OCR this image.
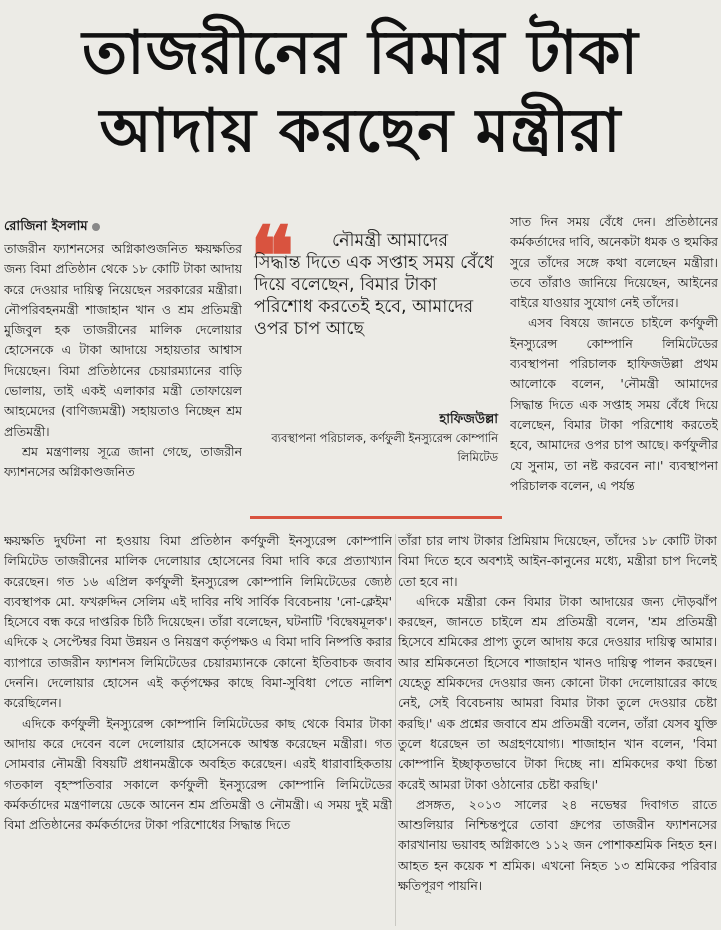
তাজরীনের বিমার টাকা
আদায় করছেন মন্ত্রীরা
রোজিনা ইসলাম

তাজরীন ফ্যাশনসের অগ্নিকাণ্ডজনিত ক্ষয়ক্ষতির জন্য বিমা প্রতিষ্ঠান থেকে ১৮ কোটি টাকা আদায় করে দেওয়ার দায়িত্ব নিয়েছেন সরকারের মন্ত্রীরা। নৌপরিবহনমন্ত্রী শাজাহান খান ও শ্রম প্রতিমন্ত্রী মুজিবুল হক তাজরীনের মালিক দেলোয়ার হোসেনকে এ টাকা আদায়ে সহায়তার আশ্বাস দিয়েছেন। বিমা প্রতিষ্ঠানের চেয়ারম্যানের বাড়ি ভোলায়, তাই একই এলাকার মন্ত্রী তোফায়েল আহমেদের (বাণিজ্যমন্ত্রী) সহায়তাও নিচ্ছেন শ্রম প্রতিমন্ত্রী।

শ্রম মন্ত্রণালয় সূত্রে জানা গেছে, তাজরীন ফ্যাশনসের অগ্নিকাণ্ডজনিত

❝	নৌমন্ত্রী আমাদের সিদ্ধান্ত দিতে এক সপ্তাহ সময় বেঁধে দিয়ে বলেছেন, বিমার টাকা পরিশোধ করতেই হবে, আমাদের ওপর চাপ আছে
হাফিজউল্লা
ব্যবস্থাপনা পরিচালক, কর্ণফুলী ইনস্যুরেন্স কোম্পানি লিমিটেড

সাত দিন সময় বেঁধে দেন। প্রতিষ্ঠানের কর্মকর্তাদের দাবি, অনেকটা ধমক ও হুমকির সুরে তাঁদের সঙ্গে কথা বলেছেন মন্ত্রীরা। তবে তাঁরাও জানিয়ে দিয়েছেন, আইনের বাইরে যাওয়ার সুযোগ নেই তাঁদের।

এসব বিষয়ে জানতে চাইলে কর্ণফুলী ইনস্যুরেন্স কোম্পানি লিমিটেডের ব্যবস্থাপনা পরিচালক হাফিজউল্লা প্রথম আলোকে বলেন, 'নৌমন্ত্রী আমাদের সিদ্ধান্ত দিতে এক সপ্তাহ সময় বেঁধে দিয়ে বলেছেন, বিমার টাকা পরিশোধ করতেই হবে, আমাদের ওপর চাপ আছে। কর্ণফুলীর যে সুনাম, তা নষ্ট করবেন না।' ব্যবস্থাপনা পরিচালক বলেন, এ পর্যন্ত

ক্ষয়ক্ষতি দুর্ঘটনা না হওয়ায় বিমা প্রতিষ্ঠান কর্ণফুলী ইনস্যুরেন্স কোম্পানি লিমিটেড তাজরীনের মালিক দেলোয়ার হোসেনের বিমা দাবি করে প্রত্যাখ্যান করেছেন। গত ১৬ এপ্রিল কর্ণফুলী ইনস্যুরেন্স কোম্পানি লিমিটেডের জ্যেষ্ঠ ব্যবস্থাপক মো. ফখরুদ্দিন সেলিম এই দাবির নথি সার্বিক বিবেচনায় 'নো-ক্লেইম' হিসেবে বন্ধ করে দাপ্তরিক চিঠি দিয়েছেন। তাঁরা বলেছেন, ঘটনাটি 'বিদ্বেষমূলক'। এদিকে ২ সেপ্টেম্বর বিমা উন্নয়ন ও নিয়ন্ত্রণ কর্তৃপক্ষও এ বিমা দাবি নিষ্পত্তি করার ব্যাপারে তাজরীন ফ্যাশনস লিমিটেডের চেয়ারম্যানকে কোনো ইতিবাচক জবাব দেননি। দেলোয়ার হোসেন এই কর্তৃপক্ষের কাছে বিমা-সুবিধা পেতে নালিশ করেছিলেন।

এদিকে কর্ণফুলী ইনস্যুরেন্স কোম্পানি লিমিটেডের কাছ থেকে বিমার টাকা আদায় করে দেবেন বলে দেলোয়ার হোসেনকে আশ্বস্ত করেছেন মন্ত্রীরা। গত সোমবার নৌমন্ত্রী বিষয়টি প্রধানমন্ত্রীকে অবহিত করেছেন। এরই ধারাবাহিকতায় গতকাল বৃহস্পতিবার সকালে কর্ণফুলী ইনস্যুরেন্স কোম্পানি লিমিটেডের কর্মকর্তাদের মন্ত্রণালয়ে ডেকে আনেন শ্রম প্রতিমন্ত্রী ও নৌমন্ত্রী। এ সময় দুই মন্ত্রী বিমা প্রতিষ্ঠানের কর্মকর্তাদের টাকা পরিশোধের সিদ্ধান্ত দিতে

তাঁরা চার লাখ টাকার প্রিমিয়াম দিয়েছেন, তাঁদের ১৮ কোটি টাকা বিমা দিতে হবে অবশ্যই আইন-কানুনের মধ্যে, মন্ত্রীরা চাপ দিলেই তো হবে না।

এদিকে মন্ত্রীরা কেন বিমার টাকা আদায়ের জন্য দৌড়ঝাঁপ করছেন, জানতে চাইলে শ্রম প্রতিমন্ত্রী বলেন, 'শ্রম প্রতিমন্ত্রী হিসেবে শ্রমিকের প্রাপ্য তুলে আদায় করে দেওয়ার দায়িত্ব আমার। আর শ্রমিকনেতা হিসেবে শাজাহান খানও দায়িত্ব পালন করছেন। যেহেতু শ্রমিকদের দেওয়ার জন্য কোনো টাকা দেলোয়ারের কাছে নেই, সেই বিবেচনায় আমরা বিমার টাকা তুলে দেওয়ার চেষ্টা করছি।' এক প্রশ্নের জবাবে শ্রম প্রতিমন্ত্রী বলেন, তাঁরা যেসব যুক্তি তুলে ধরেছেন তা অগ্রহণযোগ্য। শাজাহান খান বলেন, 'বিমা কোম্পানি ইচ্ছাকৃতভাবে টাকা দিচ্ছে না। শ্রমিকদের কথা চিন্তা করেই আমরা টাকা ওঠানোর চেষ্টা করছি।'

প্রসঙ্গত, ২০১৩ সালের ২৪ নভেম্বর দিবাগত রাতে আশুলিয়ার নিশ্চিন্তপুরে তোবা গ্রুপের তাজরীন ফ্যাশনসের কারখানায় ভয়াবহ অগ্নিকাণ্ডে ১১২ জন পোশাকশ্রমিক নিহত হন। আহত হন কয়েক শ শ্রমিক। এখনো নিহত ১৩ শ্রমিকের পরিবার ক্ষতিপূরণ পায়নি।
